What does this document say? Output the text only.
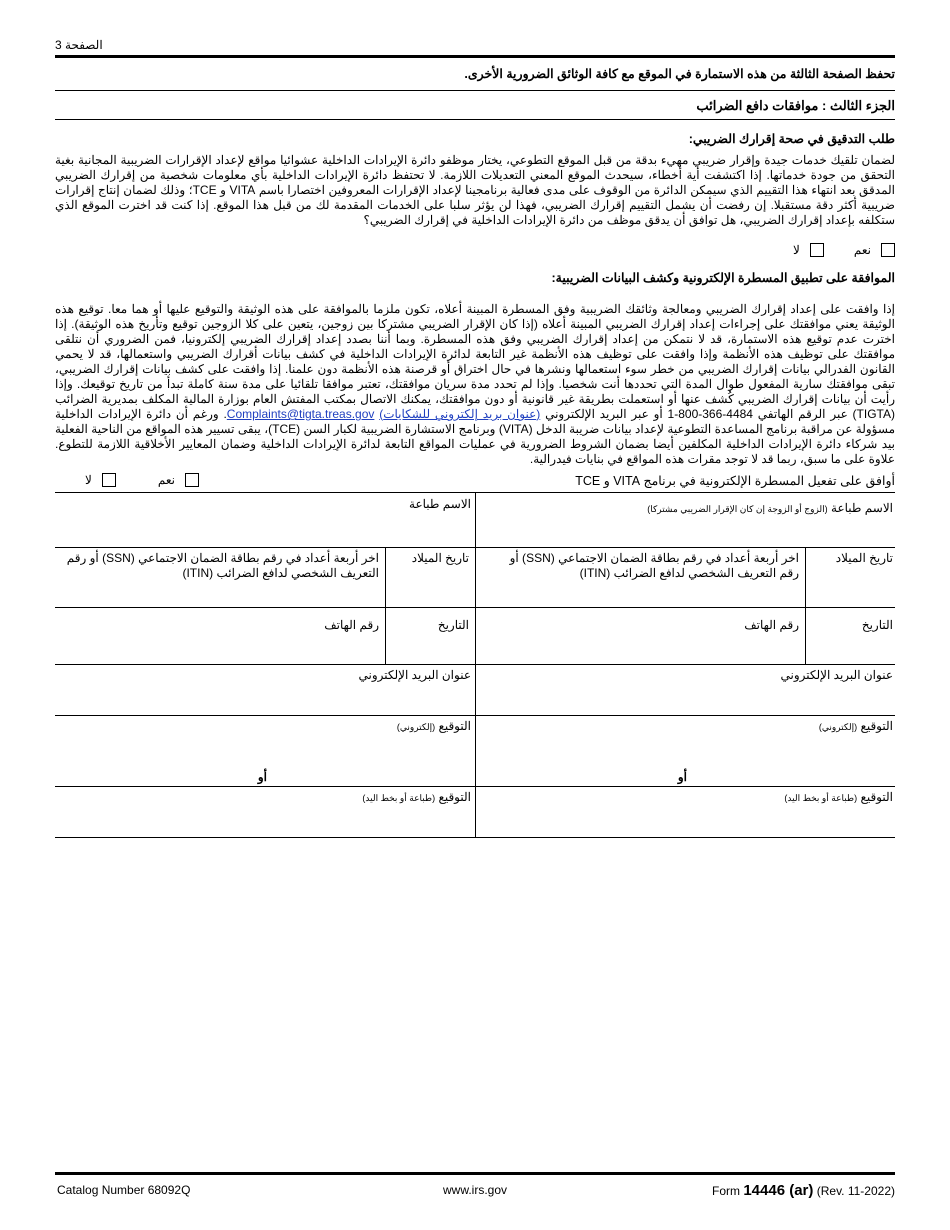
الصفحة 3
تحفظ الصفحة الثالثة من هذه الاستمارة في الموقع مع كافة الوثائق الضرورية الأخرى.
الجزء الثالث : موافقات دافع الضرائب
طلب التدقيق في صحة إقرارك الضريبي:
لضمان تلقيك خدمات جيدة وإقرار ضريبي مهيء بدقة من قبل الموقع التطوعي، يختار موظفو دائرة الإيرادات الداخلية عشوائيا مواقع لإعداد الإقرارات الضريبية المجانية بغية التحقق من جودة خدماتها. إذا اكتشفت أية أخطاء، سيحدث الموقع المعني التعديلات اللازمة. لا تحتفظ دائرة الإيرادات الداخلية بأي معلومات شخصية من إقرارك الضريبي المدقق بعد انتهاء هذا التقييم الذي سيمكن الدائرة من الوقوف على مدى فعالية برنامجينا لإعداد الإقرارات المعروفين اختصارا باسم VITA و TCE؛ وذلك لضمان إنتاج إقرارات ضريبية أكثر دقة مستقبلا. إن رفضت أن يشمل التقييم إقرارك الضريبي، فهذا لن يؤثر سلبا على الخدمات المقدمة لك من قبل هذا الموقع. إذا كنت قد اخترت الموقع الذي ستكلفه بإعداد إقرارك الضريبي، هل توافق أن يدقق موظف من دائرة الإيرادات الداخلية في إقرارك الضريبي؟
نعم
لا
الموافقة على تطبيق المسطرة الإلكترونية وكشف البيانات الضريبية:
إذا وافقت على إعداد إقرارك الضريبي ومعالجة وثائقك الضريبية وفق المسطرة المبينة أعلاه، تكون ملزما بالموافقة على هذه الوثيقة والتوقيع عليها أو هما معا. توقيع هذه الوثيقة يعني موافقتك على إجراءات إعداد إقرارك الضريبي المبينة أعلاه (إذا كان الإقرار الضريبي مشتركا بين زوجين، يتعين على كلا الزوجين توقيع وتأريخ هذه الوثيقة). إذا اخترت عدم توقيع هذه الاستمارة، قد لا نتمكن من إعداد إقرارك الضريبي وفق هذه المسطرة. وبما أننا بصدد إعداد إقرارك الضريبي إلكترونيا، فمن الضروري أن نتلقى موافقتك على توظيف هذه الأنظمة وإذا وافقت على توظيف هذه الأنظمة غير التابعة لدائرة الإيرادات الداخلية في كشف بيانات أقرارك الضريبي واستعمالها، قد لا يحمي القانون الفدرالي بيانات إقرارك الضريبي من خطر سوء استعمالها ونشرها في حال اختراق أو قرصنة هذه الأنظمة دون علمنا. إذا وافقت على كشف بيانات إقرارك الضريبي، تبقى موافقتك سارية المفعول طوال المدة التي تحددها أنت شخصيا. وإذا لم تحدد مدة سريان موافقتك، تعتبر موافقا تلقائيا على مدة سنة كاملة تبدأ من تاريخ توقيعك. وإذا رأيت أن بيانات إقرارك الضريبي كُشف عنها أو استعملت بطريقة غير قانونية أو دون موافقتك، يمكنك الاتصال بمكتب المفتش العام بوزارة المالية المكلف بمديرية الضرائب (TIGTA) عبر الرقم الهاتفي 4484-366-800-1 أو عبر البريد الإلكتروني Complaints@tigta.treas.gov (عنوان بريد إلكتروني للشكايات). ورغم أن دائرة الإيرادات الداخلية مسؤولة عن مراقبة برنامج المساعدة التطوعية لإعداد بيانات ضريبة الدخل (VITA) وبرنامج الاستشارة الضريبية لكبار السن (TCE)، يبقى تسيير هذه المواقع من الناحية الفعلية بيد شركاء دائرة الإيرادات الداخلية المكلفين أيضا بضمان الشروط الضرورية في عمليات المواقع التابعة لدائرة الإيرادات الداخلية وضمان المعايير الأخلاقية اللازمة للتطوع. علاوة على ما سبق، ربما قد لا توجد مقرات هذه المواقع في بنايات فيدرالية.
أوافق على تفعيل المسطرة الإلكترونية في برنامج VITA و TCE
نعم
لا
الاسم طباعة (الزوج أو الزوجة إن كان الإقرار الضريبي مشتركا)
تاريخ الميلاد
اخر أربعة أعداد في رقم بطاقة الضمان الاجتماعي (SSN) أو رقم التعريف الشخصي لدافع الضرائب (ITIN)
التاريخ
رقم الهاتف
عنوان البريد الإلكتروني
التوقيع (إلكتروني)
أو
التوقيع (طباعة أو بخط اليد)
الاسم طباعة
تاريخ الميلاد
اخر أربعة أعداد في رقم بطاقة الضمان الاجتماعي (SSN) أو رقم التعريف الشخصي لدافع الضرائب (ITIN)
التاريخ
رقم الهاتف
عنوان البريد الإلكتروني
التوقيع (إلكتروني)
أو
التوقيع (طباعة أو بخط اليد)
Catalog Number 68092Q	www.irs.gov	Form 14446 (ar) (Rev. 11-2022)
